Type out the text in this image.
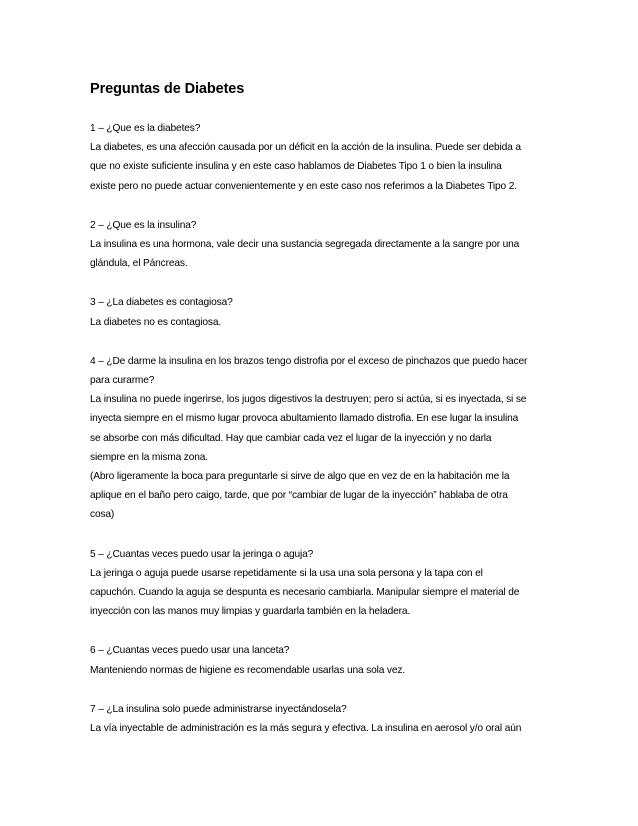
Preguntas de Diabetes
1 – ¿Que es la diabetes?
La diabetes, es una afección causada por un déficit en la acción de la insulina. Puede ser debida a
que no existe suficiente insulina y en este caso hablamos de Diabetes Tipo 1 o bien la insulina
existe pero no puede actuar convenientemente y en este caso nos referimos a la Diabetes Tipo 2.
2 – ¿Que es la insulina?
La insulina es una hormona, vale decir una sustancia segregada directamente a la sangre por una
glándula, el Páncreas.
3 – ¿La diabetes es contagiosa?
La diabetes no es contagiosa.
4 – ¿De darme la insulina en los brazos tengo distrofia por el exceso de pinchazos que puedo hacer
para curarme?
La insulina no puede ingerirse, los jugos digestivos la destruyen; pero si actúa, si es inyectada, si se
inyecta siempre en el mismo lugar provoca abultamiento llamado distrofia. En ese lugar la insulina
se absorbe con más dificultad. Hay que cambiar cada vez el lugar de la inyección y no darla
siempre en la misma zona.
(Abro ligeramente la boca para preguntarle si sirve de algo que en vez de en la habitación me la
aplique en el baño pero caigo, tarde, que por “cambiar de lugar de la inyección” hablaba de otra
cosa)
5 – ¿Cuantas veces puedo usar la jeringa o aguja?
La jeringa o aguja puede usarse repetidamente si la usa una sola persona y la tapa con el
capuchón. Cuando la aguja se despunta es necesario cambiarla. Manipular siempre el material de
inyección con las manos muy limpias y guardarla también en la heladera.
6 – ¿Cuantas veces puedo usar una lanceta?
Manteniendo normas de higiene es recomendable usarlas una sola vez.
7 – ¿La insulina solo puede administrarse inyectándosela?
La vía inyectable de administración es la más segura y efectiva. La insulina en aerosol y/o oral aún
